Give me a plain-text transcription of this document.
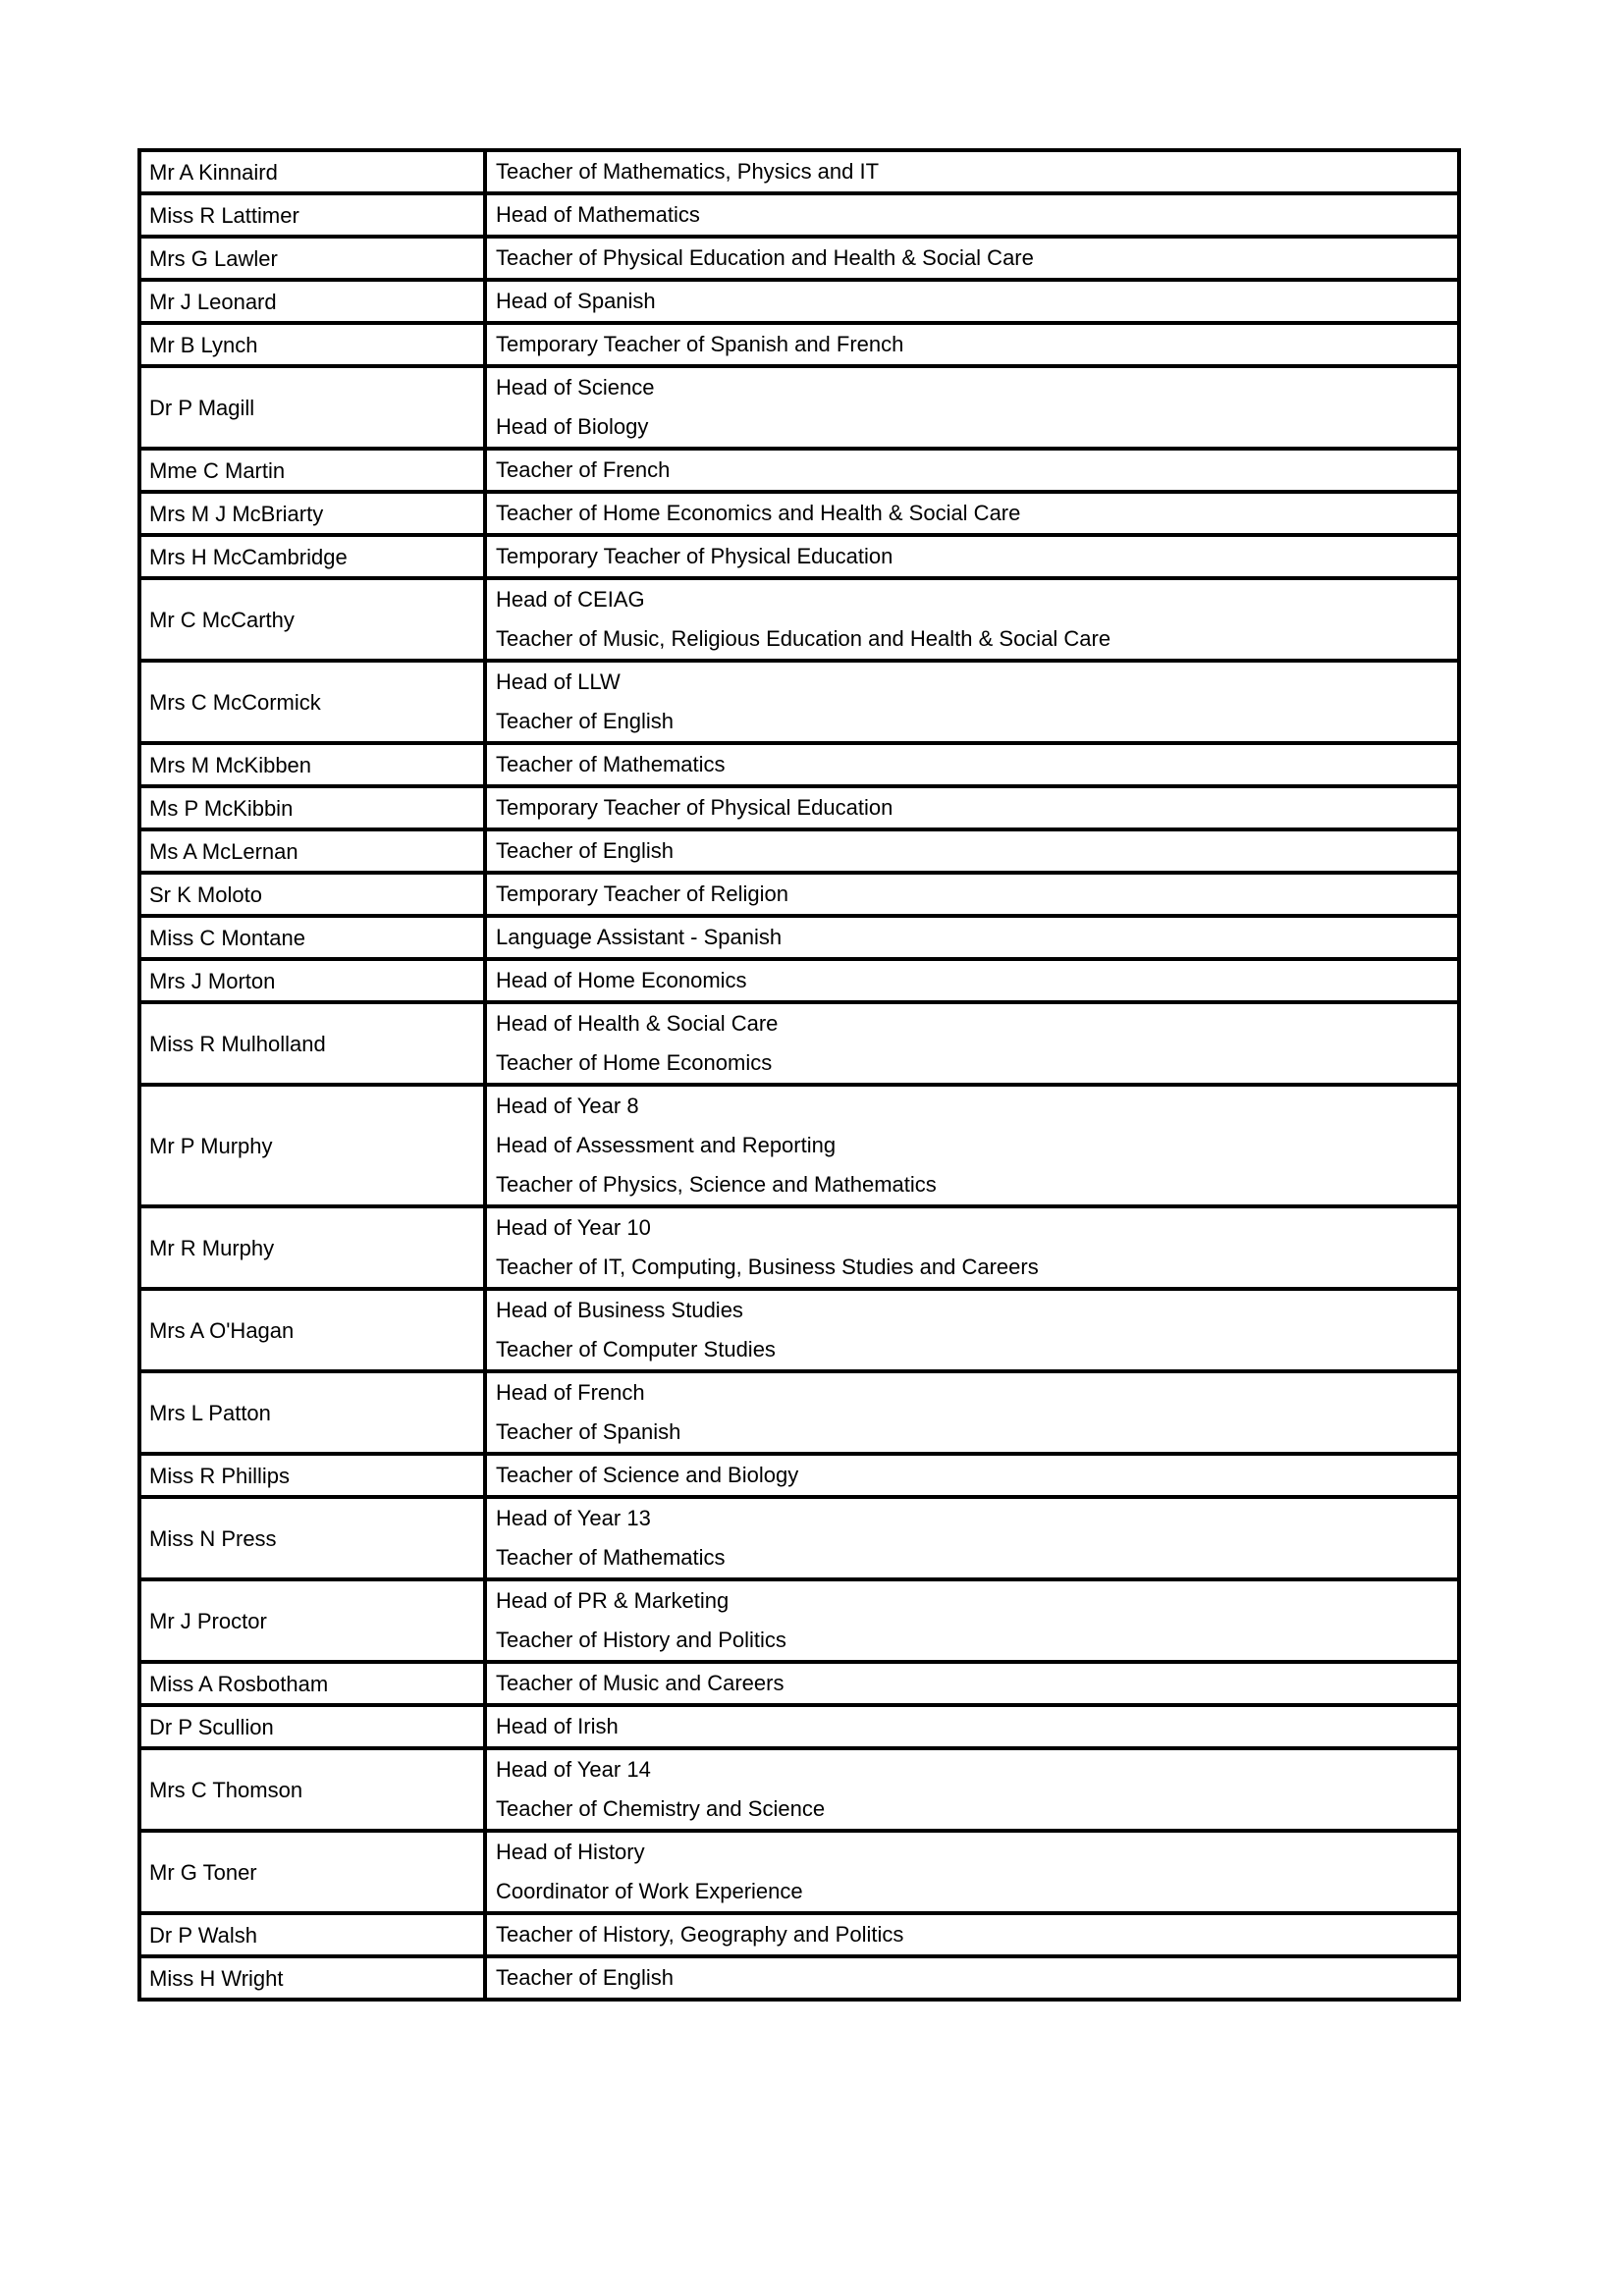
Mr A Kinnaird	Teacher of Mathematics, Physics and IT

Miss R Lattimer	Head of Mathematics

Mrs G Lawler	Teacher of Physical Education and Health & Social Care

Mr J Leonard	Head of Spanish

Mr B Lynch	Temporary Teacher of Spanish and French

Dr P Magill	Head of Science
Head of Biology

Mme C Martin	Teacher of French

Mrs M J McBriarty	Teacher of Home Economics and Health & Social Care

Mrs H McCambridge	Temporary Teacher of Physical Education

Mr C McCarthy	Head of CEIAG
Teacher of Music, Religious Education and Health & Social Care

Mrs C McCormick	Head of LLW
Teacher of English

Mrs M McKibben	Teacher of Mathematics

Ms P McKibbin	Temporary Teacher of Physical Education

Ms A McLernan	Teacher of English

Sr K Moloto	Temporary Teacher of Religion

Miss C Montane	Language Assistant - Spanish

Mrs J Morton	Head of Home Economics

Miss R Mulholland	Head of Health & Social Care
Teacher of Home Economics

Mr P Murphy	Head of Year 8
Head of Assessment and Reporting
Teacher of Physics, Science and Mathematics

Mr R Murphy	Head of Year 10
Teacher of IT, Computing, Business Studies and Careers

Mrs A O'Hagan	Head of Business Studies
Teacher of Computer Studies

Mrs L Patton	Head of French
Teacher of Spanish

Miss R Phillips	Teacher of Science and Biology

Miss N Press	Head of Year 13
Teacher of Mathematics

Mr J Proctor	Head of PR & Marketing
Teacher of History and Politics

Miss A Rosbotham	Teacher of Music and Careers

Dr P Scullion	Head of Irish

Mrs C Thomson	Head of Year 14
Teacher of Chemistry and Science

Mr G Toner	Head of History
Coordinator of Work Experience

Dr P Walsh	Teacher of History, Geography and Politics

Miss H Wright	Teacher of English
